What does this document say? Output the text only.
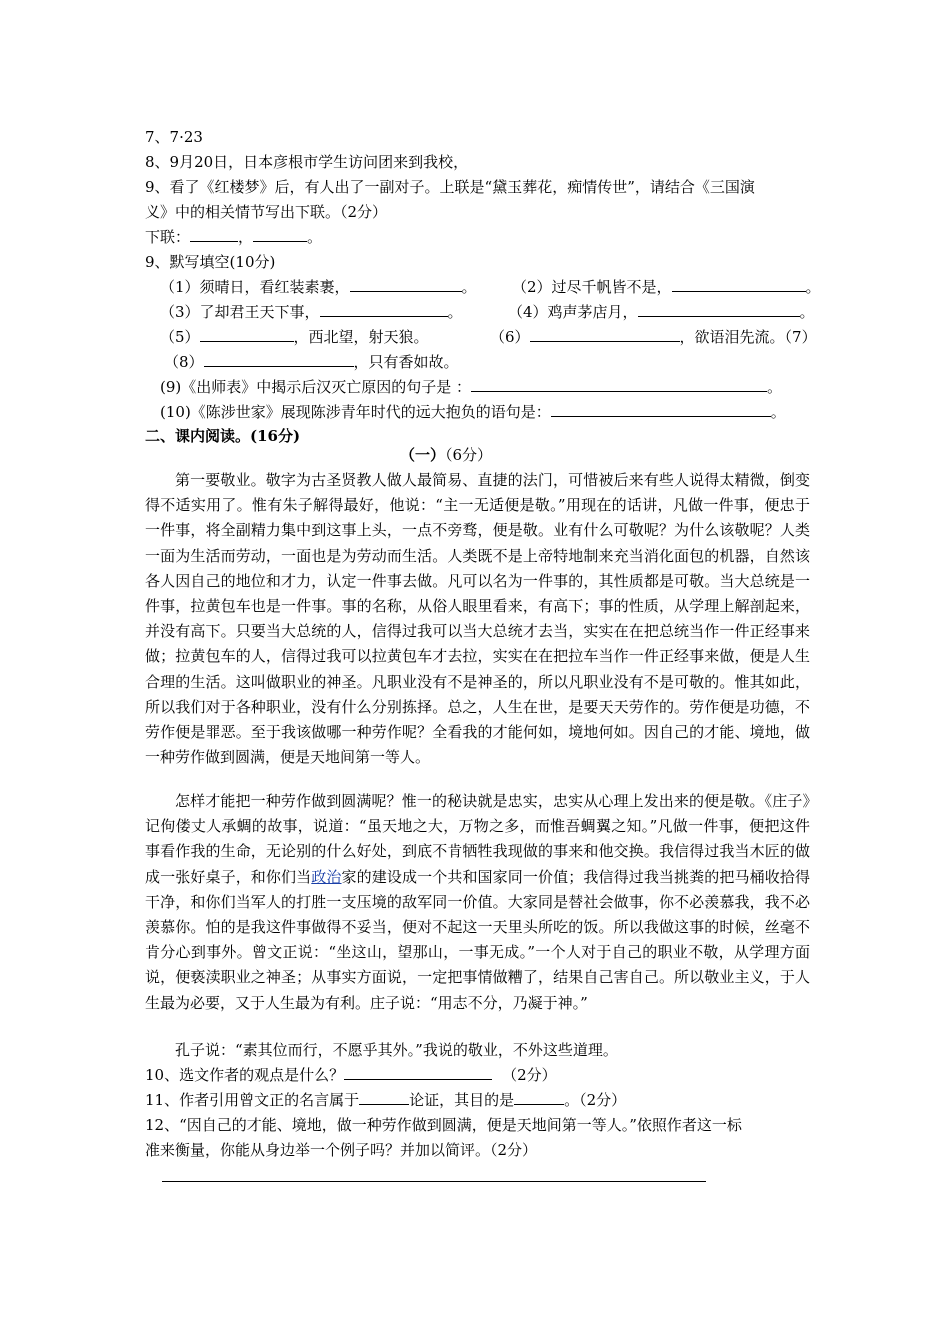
7、7·23
8、9月20日，日本彦根市学生访问团来到我校，
9、看了《红楼梦》后，有人出了一副对子。上联是“黛玉葬花，痴情传世”，请结合《三国演
义》中的相关情节写出下联。（2分）
下联：	，	。
9、默写填空(10分)
（1）须晴日，看红装素裹，	。 （2）过尽千帆皆不是，	。
（3）了却君王天下事，	。	（4）鸡声茅店月，	。
（5）	，西北望，射天狼。	（6）	，欲语泪先流。（7）
（8）	，只有香如故。
(9)《出师表》中揭示后汉灭亡原因的句子是 ：	。
(10)《陈涉世家》展现陈涉青年时代的远大抱负的语句是：	。
二、课内阅读。(16分)
（一）（6分）
第一要敬业。敬字为古圣贤教人做人最简易、直捷的法门，可惜被后来有些人说得太精微，倒变得不适实用了。惟有朱子解得最好，他说：“主一无适便是敬。”用现在的话讲，凡做一件事，便忠于一件事，将全副精力集中到这事上头，一点不旁骛，便是敬。业有什么可敬呢？为什么该敬呢？人类一面为生活而劳动，一面也是为劳动而生活。人类既不是上帝特地制来充当消化面包的机器，自然该各人因自己的地位和才力，认定一件事去做。凡可以名为一件事的，其性质都是可敬。当大总统是一件事，拉黄包车也是一件事。事的名称，从俗人眼里看来，有高下；事的性质，从学理上解剖起来，并没有高下。只要当大总统的人，信得过我可以当大总统才去当，实实在在把总统当作一件正经事来做；拉黄包车的人，信得过我可以拉黄包车才去拉，实实在在把拉车当作一件正经事来做，便是人生合理的生活。这叫做职业的神圣。凡职业没有不是神圣的，所以凡职业没有不是可敬的。惟其如此，所以我们对于各种职业，没有什么分别拣择。总之，人生在世，是要天天劳作的。劳作便是功德，不劳作便是罪恶。至于我该做哪一种劳作呢？全看我的才能何如，境地何如。因自己的才能、境地，做一种劳作做到圆满，便是天地间第一等人。
怎样才能把一种劳作做到圆满呢？惟一的秘诀就是忠实，忠实从心理上发出来的便是敬。《庄子》记佝偻丈人承蜩的故事，说道：“虽天地之大，万物之多，而惟吾蜩翼之知。”凡做一件事，便把这件事看作我的生命，无论别的什么好处，到底不肯牺牲我现做的事来和他交换。我信得过我当木匠的做成一张好桌子，和你们当政治家的建设成一个共和国家同一价值；我信得过我当挑粪的把马桶收拾得干净，和你们当军人的打胜一支压境的敌军同一价值。大家同是替社会做事，你不必羡慕我，我不必羡慕你。怕的是我这件事做得不妥当，便对不起这一天里头所吃的饭。所以我做这事的时候，丝毫不肯分心到事外。曾文正说：“坐这山，望那山，一事无成。”一个人对于自己的职业不敬，从学理方面说，便亵渎职业之神圣；从事实方面说，一定把事情做糟了，结果自己害自己。所以敬业主义，于人生最为必要，又于人生最为有利。庄子说：“用志不分，乃凝于神。”
孔子说：“素其位而行，不愿乎其外。”我说的敬业，不外这些道理。
10、选文作者的观点是什么？	（2分）
11、作者引用曾文正的名言属于	论证，其目的是	。（2分）
12、“因自己的才能、境地，做一种劳作做到圆满，便是天地间第一等人。”依照作者这一标
准来衡量，你能从身边举一个例子吗？并加以简评。（2分）
